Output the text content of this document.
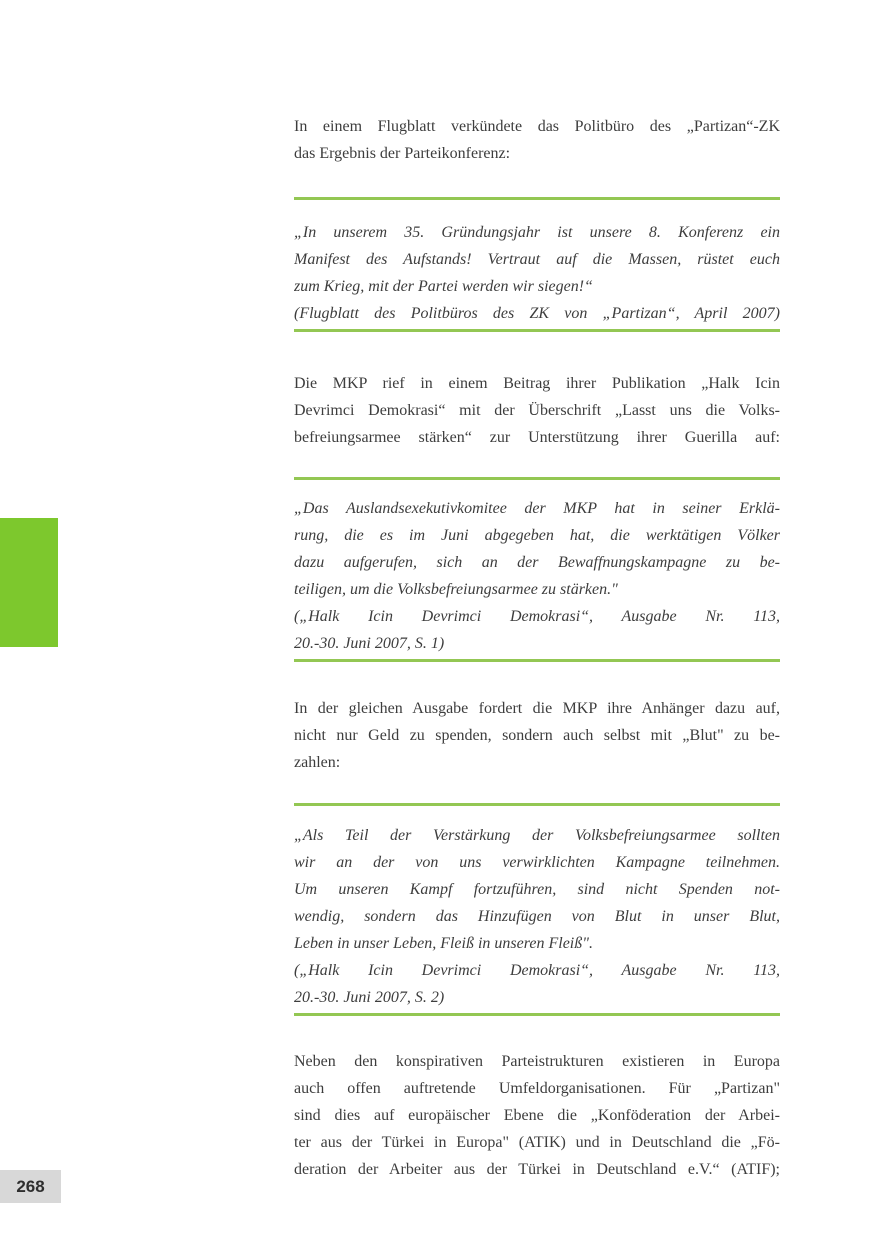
268
In einem Flugblatt verkündete das Politbüro des „Partizan“-ZK
das Ergebnis der Parteikonferenz:
„In unserem 35. Gründungsjahr ist unsere 8. Konferenz ein
Manifest des Aufstands! Vertraut auf die Massen, rüstet euch
zum Krieg, mit der Partei werden wir siegen!“
(Flugblatt des Politbüros des ZK von „Partizan“, April 2007)
Die MKP rief in einem Beitrag ihrer Publikation „Halk Icin
Devrimci Demokrasi“ mit der Überschrift „Lasst uns die Volks-
befreiungsarmee stärken“ zur Unterstützung ihrer Guerilla auf:
„Das Auslandsexekutivkomitee der MKP hat in seiner Erklä-
rung, die es im Juni abgegeben hat, die werktätigen Völker
dazu aufgerufen, sich an der Bewaffnungskampagne zu be-
teiligen, um die Volksbefreiungsarmee zu stärken."
(„Halk Icin Devrimci Demokrasi“, Ausgabe Nr. 113,
20.-30. Juni 2007, S. 1)
In der gleichen Ausgabe fordert die MKP ihre Anhänger dazu auf,
nicht nur Geld zu spenden, sondern auch selbst mit „Blut" zu be-
zahlen:
„Als Teil der Verstärkung der Volksbefreiungsarmee sollten
wir an der von uns verwirklichten Kampagne teilnehmen.
Um unseren Kampf fortzuführen, sind nicht Spenden not-
wendig, sondern das Hinzufügen von Blut in unser Blut,
Leben in unser Leben, Fleiß in unseren Fleiß".
(„Halk Icin Devrimci Demokrasi“, Ausgabe Nr. 113,
20.-30. Juni 2007, S. 2)
Neben den konspirativen Parteistrukturen existieren in Europa
auch offen auftretende Umfeldorganisationen. Für „Partizan"
sind dies auf europäischer Ebene die „Konföderation der Arbei-
ter aus der Türkei in Europa" (ATIK) und in Deutschland die „Fö-
deration der Arbeiter aus der Türkei in Deutschland e.V.“ (ATIF);
